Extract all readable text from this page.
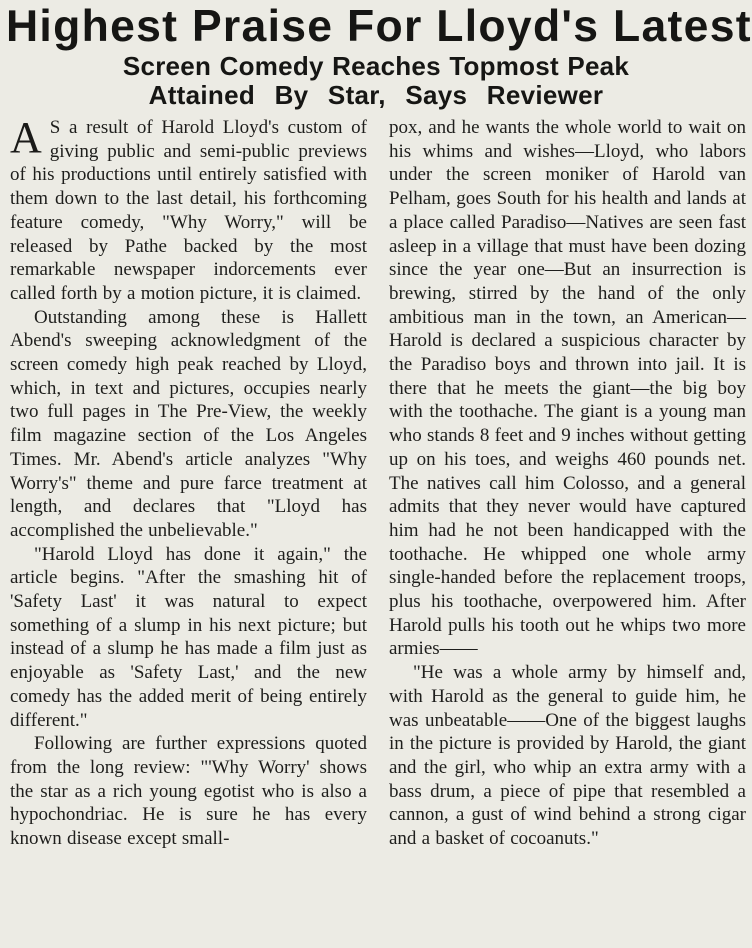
Highest Praise For Lloyd's Latest
Screen Comedy Reaches Topmost Peak
Attained By Star, Says Reviewer

A S a result of Harold Lloyd's custom of giving public and semi-public previews of his productions until entirely satisfied with them down to the last detail, his forthcoming feature comedy, "Why Worry," will be released by Pathe backed by the most remarkable newspaper indorcements ever called forth by a motion picture, it is claimed.

Outstanding among these is Hallett Abend's sweeping acknowledgment of the screen comedy high peak reached by Lloyd, which, in text and pictures, occupies nearly two full pages in The Pre-View, the weekly film magazine section of the Los Angeles Times. Mr. Abend's article analyzes "Why Worry's" theme and pure farce treatment at length, and declares that "Lloyd has accomplished the unbelievable."

"Harold Lloyd has done it again," the article begins. "After the smashing hit of 'Safety Last' it was natural to expect something of a slump in his next picture; but instead of a slump he has made a film just as enjoyable as 'Safety Last,' and the new comedy has the added merit of being entirely different."

Following are further expressions quoted from the long review: "'Why Worry' shows the star as a rich young egotist who is also a hypochondriac. He is sure he has every known disease except small-

pox, and he wants the whole world to wait on his whims and wishes—Lloyd, who labors under the screen moniker of Harold van Pelham, goes South for his health and lands at a place called Paradiso—Natives are seen fast asleep in a village that must have been dozing since the year one—But an insurrection is brewing, stirred by the hand of the only ambitious man in the town, an American—Harold is declared a suspicious character by the Paradiso boys and thrown into jail. It is there that he meets the giant—the big boy with the toothache. The giant is a young man who stands 8 feet and 9 inches without getting up on his toes, and weighs 460 pounds net. The natives call him Colosso, and a general admits that they never would have captured him had he not been handicapped with the toothache. He whipped one whole army single-handed before the replacement troops, plus his toothache, overpowered him. After Harold pulls his tooth out he whips two more armies——

"He was a whole army by himself and, with Harold as the general to guide him, he was unbeatable——One of the biggest laughs in the picture is provided by Harold, the giant and the girl, who whip an extra army with a bass drum, a piece of pipe that resembled a cannon, a gust of wind behind a strong cigar and a basket of cocoanuts."
